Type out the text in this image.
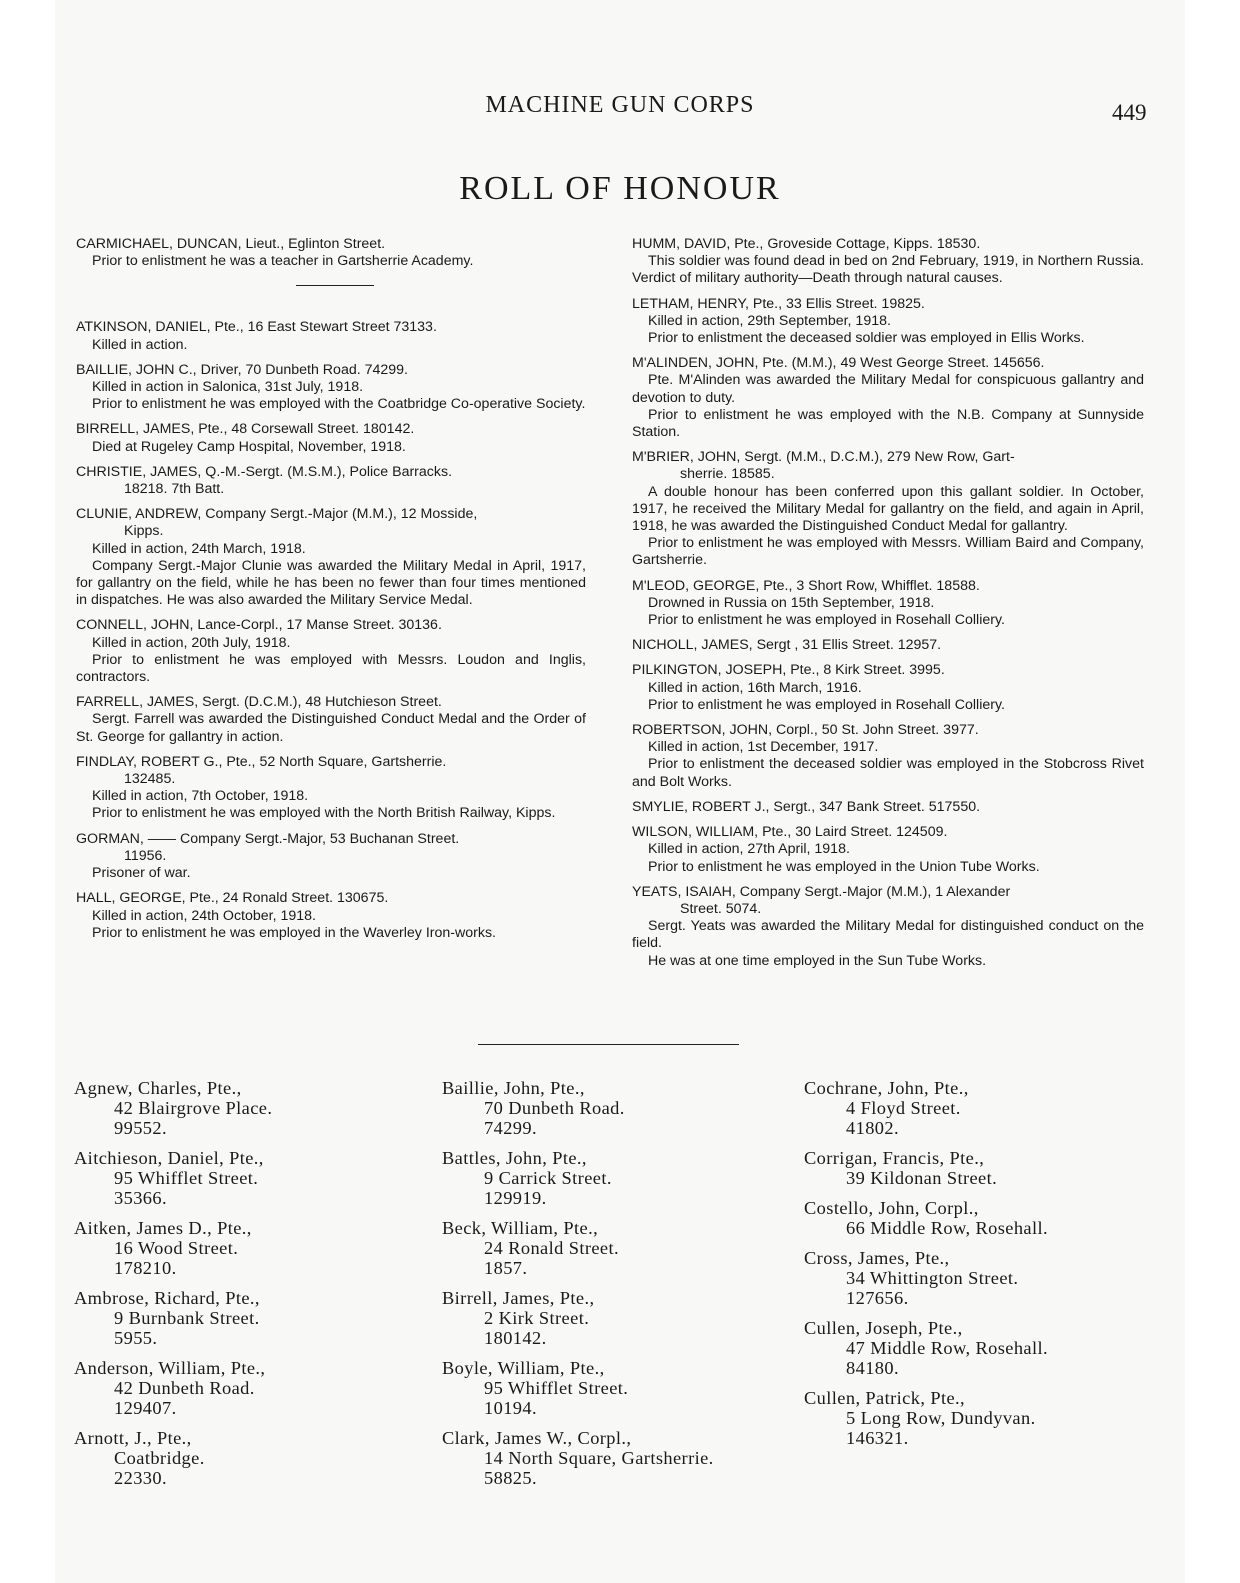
MACHINE GUN CORPS	449
ROLL OF HONOUR

CARMICHAEL, DUNCAN, Lieut., Eglinton Street.

Prior to enlistment he was a teacher in Gartsherrie Academy.

ATKINSON, DANIEL, Pte., 16 East Stewart Street 73133.

Killed in action.

BAILLIE, JOHN C., Driver, 70 Dunbeth Road. 74299.

Killed in action in Salonica, 31st July, 1918.

Prior to enlistment he was employed with the Coatbridge Co-operative Society.

BIRRELL, JAMES, Pte., 48 Corsewall Street. 180142.

Died at Rugeley Camp Hospital, November, 1918.

CHRISTIE, JAMES, Q.-M.-Sergt. (M.S.M.), Police Barracks.

18218. 7th Batt.

CLUNIE, ANDREW, Company Sergt.-Major (M.M.), 12 Mosside,

Kipps.

Killed in action, 24th March, 1918.

Company Sergt.-Major Clunie was awarded the Military Medal in April, 1917, for gallantry on the field, while he has been no fewer than four times mentioned in dispatches. He was also awarded the Military Service Medal.

CONNELL, JOHN, Lance-Corpl., 17 Manse Street. 30136.

Killed in action, 20th July, 1918.

Prior to enlistment he was employed with Messrs. Loudon and Inglis, contractors.

FARRELL, JAMES, Sergt. (D.C.M.), 48 Hutchieson Street.

Sergt. Farrell was awarded the Distinguished Conduct Medal and the Order of St. George for gallantry in action.

FINDLAY, ROBERT G., Pte., 52 North Square, Gartsherrie.

132485.

Killed in action, 7th October, 1918.

Prior to enlistment he was employed with the North British Railway, Kipps.

GORMAN, —— Company Sergt.-Major, 53 Buchanan Street.

11956.

Prisoner of war.

HALL, GEORGE, Pte., 24 Ronald Street. 130675.

Killed in action, 24th October, 1918.

Prior to enlistment he was employed in the Waverley Iron-works.

HUMM, DAVID, Pte., Groveside Cottage, Kipps. 18530.

This soldier was found dead in bed on 2nd February, 1919, in Northern Russia. Verdict of military authority—Death through natural causes.

LETHAM, HENRY, Pte., 33 Ellis Street. 19825.

Killed in action, 29th September, 1918.

Prior to enlistment the deceased soldier was employed in Ellis Works.

M'ALINDEN, JOHN, Pte. (M.M.), 49 West George Street. 145656.

Pte. M'Alinden was awarded the Military Medal for conspicuous gallantry and devotion to duty.

Prior to enlistment he was employed with the N.B. Company at Sunnyside Station.

M'BRIER, JOHN, Sergt. (M.M., D.C.M.), 279 New Row, Gart-

sherrie. 18585.

A double honour has been conferred upon this gallant soldier. In October, 1917, he received the Military Medal for gallantry on the field, and again in April, 1918, he was awarded the Distinguished Conduct Medal for gallantry.

Prior to enlistment he was employed with Messrs. William Baird and Company, Gartsherrie.

M'LEOD, GEORGE, Pte., 3 Short Row, Whifflet. 18588.

Drowned in Russia on 15th September, 1918.

Prior to enlistment he was employed in Rosehall Colliery.

NICHOLL, JAMES, Sergt , 31 Ellis Street. 12957.

PILKINGTON, JOSEPH, Pte., 8 Kirk Street. 3995.

Killed in action, 16th March, 1916.

Prior to enlistment he was employed in Rosehall Colliery.

ROBERTSON, JOHN, Corpl., 50 St. John Street. 3977.

Killed in action, 1st December, 1917.

Prior to enlistment the deceased soldier was employed in the Stobcross Rivet and Bolt Works.

SMYLIE, ROBERT J., Sergt., 347 Bank Street. 517550.

WILSON, WILLIAM, Pte., 30 Laird Street. 124509.

Killed in action, 27th April, 1918.

Prior to enlistment he was employed in the Union Tube Works.

YEATS, ISAIAH, Company Sergt.-Major (M.M.), 1 Alexander

Street. 5074.

Sergt. Yeats was awarded the Military Medal for distinguished conduct on the field.

He was at one time employed in the Sun Tube Works.

Agnew, Charles, Pte.,
42 Blairgrove Place.
99552.
Aitchieson, Daniel, Pte.,
95 Whifflet Street.
35366.
Aitken, James D., Pte.,
16 Wood Street.
178210.
Ambrose, Richard, Pte.,
9 Burnbank Street.
5955.
Anderson, William, Pte.,
42 Dunbeth Road.
129407.
Arnott, J., Pte.,
Coatbridge.
22330.
Baillie, John, Pte.,
70 Dunbeth Road.
74299.
Battles, John, Pte.,
9 Carrick Street.
129919.
Beck, William, Pte.,
24 Ronald Street.
1857.
Birrell, James, Pte.,
2 Kirk Street.
180142.
Boyle, William, Pte.,
95 Whifflet Street.
10194.
Clark, James W., Corpl.,
14 North Square, Gartsherrie.
58825.
Cochrane, John, Pte.,
4 Floyd Street.
41802.
Corrigan, Francis, Pte.,
39 Kildonan Street.
Costello, John, Corpl.,
66 Middle Row, Rosehall.
Cross, James, Pte.,
34 Whittington Street.
127656.
Cullen, Joseph, Pte.,
47 Middle Row, Rosehall.
84180.
Cullen, Patrick, Pte.,
5 Long Row, Dundyvan.
146321.
